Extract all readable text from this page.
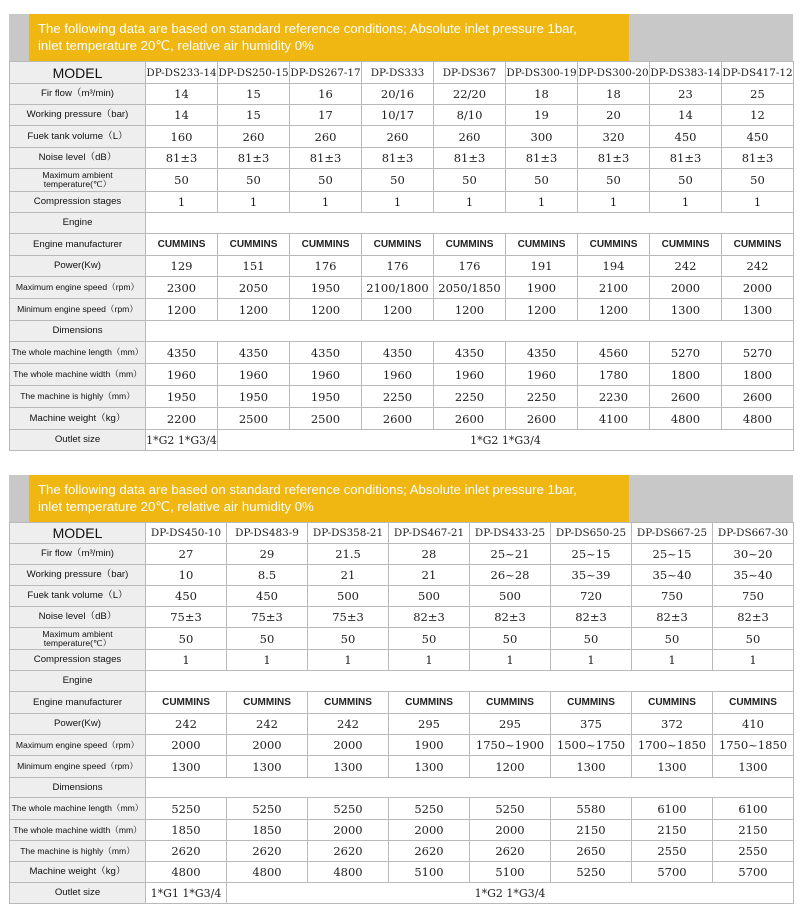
The following data are based on standard reference conditions; Absolute inlet pressure 1bar,
inlet temperature 20℃, relative air humidity 0%
MODEL	DP-DS233-14	DP-DS250-15	DP-DS267-17	DP-DS333	DP-DS367	DP-DS300-19	DP-DS300-20	DP-DS383-14	DP-DS417-12
Fir flow（m³/min)	14	15	16	20/16	22/20	18	18	23	25
Working pressure（bar)	14	15	17	10/17	8/10	19	20	14	12
Fuek tank volume（L）	160	260	260	260	260	300	320	450	450
Noise level（dB）	81±3	81±3	81±3	81±3	81±3	81±3	81±3	81±3	81±3
Maximum ambient temperature(℃）	50	50	50	50	50	50	50	50	50
Compression stages	1	1	1	1	1	1	1	1	1
Engine									
Engine manufacturer	CUMMINS	CUMMINS	CUMMINS	CUMMINS	CUMMINS	CUMMINS	CUMMINS	CUMMINS	CUMMINS
Power(Kw)	129	151	176	176	176	191	194	242	242
Maximum engine speed（rpm）	2300	2050	1950	2100/1800	2050/1850	1900	2100	2000	2000
Minimum engine speed（rpm）	1200	1200	1200	1200	1200	1200	1200	1300	1300
Dimensions									
The whole machine length（mm）	4350	4350	4350	4350	4350	4350	4560	5270	5270
The whole machine width（mm）	1960	1960	1960	1960	1960	1960	1780	1800	1800
The machine is highly（mm）	1950	1950	1950	2250	2250	2250	2230	2600	2600
Machine weight（kg）	2200	2500	2500	2600	2600	2600	4100	4800	4800
Outlet size	1*G2 1*G3/4	1*G2 1*G3/4							
The following data are based on standard reference conditions; Absolute inlet pressure 1bar,
inlet temperature 20℃, relative air humidity 0%
MODEL	DP-DS450-10	DP-DS483-9	DP-DS358-21	DP-DS467-21	DP-DS433-25	DP-DS650-25	DP-DS667-25	DP-DS667-30
Fir flow（m³/min)	27	29	21.5	28	25~21	25~15	25~15	30~20
Working pressure（bar)	10	8.5	21	21	26~28	35~39	35~40	35~40
Fuek tank volume（L）	450	450	500	500	500	720	750	750
Noise level（dB）	75±3	75±3	75±3	82±3	82±3	82±3	82±3	82±3
Maximum ambient temperature(℃）	50	50	50	50	50	50	50	50
Compression stages	1	1	1	1	1	1	1	1
Engine								
Engine manufacturer	CUMMINS	CUMMINS	CUMMINS	CUMMINS	CUMMINS	CUMMINS	CUMMINS	CUMMINS
Power(Kw)	242	242	242	295	295	375	372	410
Maximum engine speed（rpm）	2000	2000	2000	1900	1750~1900	1500~1750	1700~1850	1750~1850
Minimum engine speed（rpm）	1300	1300	1300	1300	1200	1300	1300	1300
Dimensions								
The whole machine length（mm）	5250	5250	5250	5250	5250	5580	6100	6100
The whole machine width（mm）	1850	1850	2000	2000	2000	2150	2150	2150
The machine is highly（mm）	2620	2620	2620	2620	2620	2650	2550	2550
Machine weight（kg）	4800	4800	4800	5100	5100	5250	5700	5700
Outlet size	1*G1 1*G3/4	1*G2 1*G3/4						
